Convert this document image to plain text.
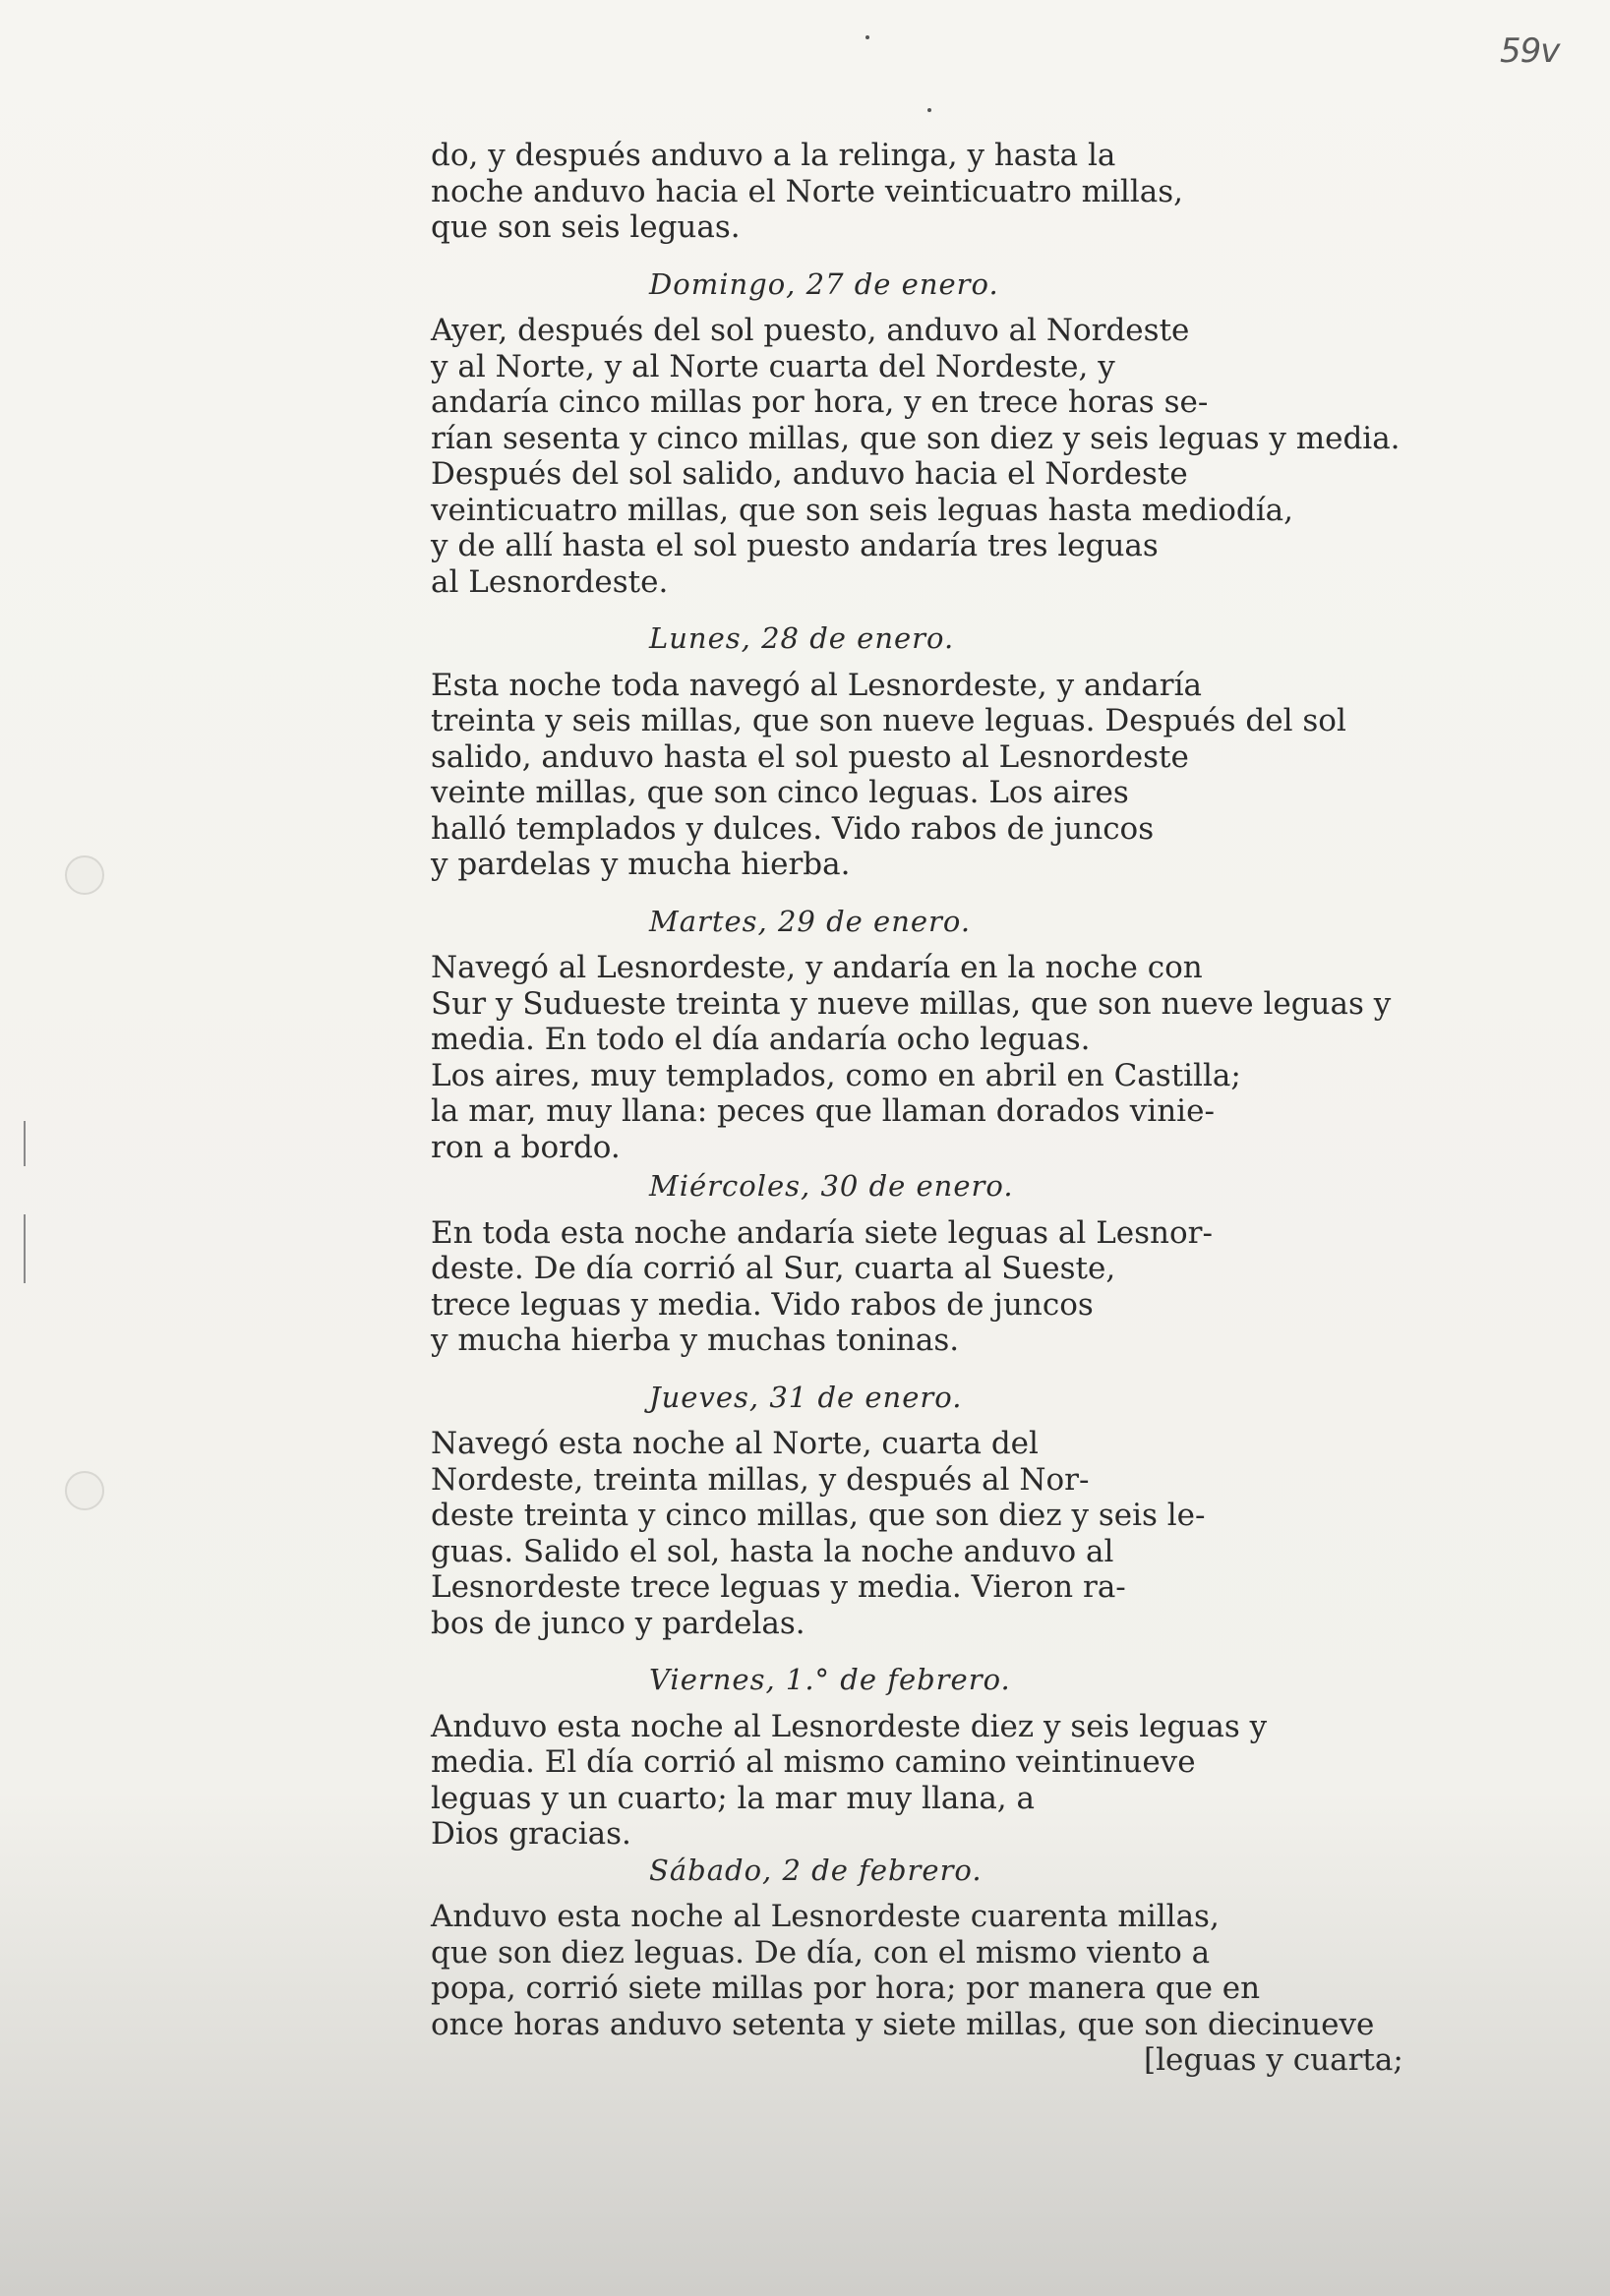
59v
do, y después anduvo a la relinga, y hasta la
noche anduvo hacia el Norte veinticuatro millas,
que son seis leguas.
Domingo, 27 de enero.
Ayer, después del sol puesto, anduvo al Nordeste
y al Norte, y al Norte cuarta del Nordeste, y
andaría cinco millas por hora, y en trece horas se-
rían sesenta y cinco millas, que son diez y seis leguas y media.
Después del sol salido, anduvo hacia el Nordeste
veinticuatro millas, que son seis leguas hasta mediodía,
y de allí hasta el sol puesto andaría tres leguas
al Lesnordeste.
Lunes, 28 de enero.
Esta noche toda navegó al Lesnordeste, y andaría
treinta y seis millas, que son nueve leguas. Después del sol
salido, anduvo hasta el sol puesto al Lesnordeste
veinte millas, que son cinco leguas. Los aires
halló templados y dulces. Vido rabos de juncos
y pardelas y mucha hierba.
Martes, 29 de enero.
Navegó al Lesnordeste, y andaría en la noche con
Sur y Sudueste treinta y nueve millas, que son nueve leguas y
media. En todo el día andaría ocho leguas.
Los aires, muy templados, como en abril en Castilla;
la mar, muy llana: peces que llaman dorados vinie-
ron a bordo.
Miércoles, 30 de enero.
En toda esta noche andaría siete leguas al Lesnor-
deste. De día corrió al Sur, cuarta al Sueste,
trece leguas y media. Vido rabos de juncos
y mucha hierba y muchas toninas.
Jueves, 31 de enero.
Navegó esta noche al Norte, cuarta del
Nordeste, treinta millas, y después al Nor-
deste treinta y cinco millas, que son diez y seis le-
guas. Salido el sol, hasta la noche anduvo al
Lesnordeste trece leguas y media. Vieron ra-
bos de junco y pardelas.
Viernes, 1.° de febrero.
Anduvo esta noche al Lesnordeste diez y seis leguas y
media. El día corrió al mismo camino veintinueve
leguas y un cuarto; la mar muy llana, a
Dios gracias.
Sábado, 2 de febrero.
Anduvo esta noche al Lesnordeste cuarenta millas,
que son diez leguas. De día, con el mismo viento a
popa, corrió siete millas por hora; por manera que en
once horas anduvo setenta y siete millas, que son diecinueve
[leguas y cuarta;
